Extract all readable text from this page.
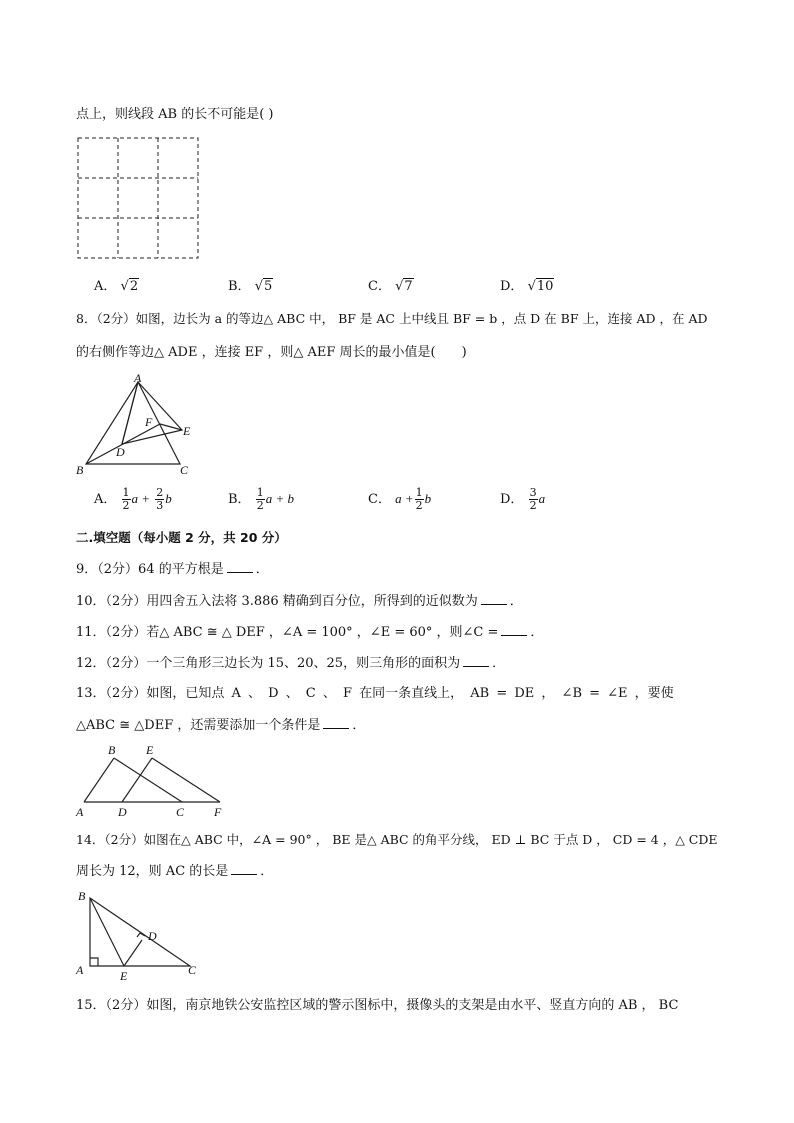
点上，则线段 AB 的长不可能是( )
A． √2	B． √5	C． √7	D． √10
8．（2分）如图，边长为 a 的等边△ ABC 中， BF 是 AC 上中线且 BF = b ，点 D 在 BF 上，连接 AD ，在 AD
的右侧作等边△ ADE ，连接 EF ，则△ AEF 周长的最小值是(　　)
A
B	C
D
E
F
A． $\frac{1}{2}$ $a + \frac{2}{3}$ b	B． $\frac{1}{2}$ a + b	C． $a + \frac{1}{2}$ b	D． $\frac{3}{2}$ a
二.填空题（每小题 2 分，共 20 分）
9．（2分）64 的平方根是 ．
10．（2分）用四舍五入法将 3.886 精确到百分位，所得到的近似数为 ．
11．（2分）若△ ABC ≅ △ DEF ，∠A = 100° ，∠E = 60° ，则∠C = ．
12．（2分）一个三角形三边长为 15、20、25，则三角形的面积为 ．
13．（2分）如图，已知点 A 、 D 、 C 、 F 在同一条直线上， AB = DE ， ∠B = ∠E ，要使
△ABC ≅ △DEF ，还需要添加一个条件是 ．
B	E
A	D	C F
14．（2分）如图在△ ABC 中，∠A = 90° ， BE 是△ ABC 的角平分线， ED ⊥ BC 于点 D ， CD = 4 ，△ CDE
周长为 12，则 AC 的长是 ．
B
D
A	E	C
15．（2分）如图，南京地铁公安监控区域的警示图标中，摄像头的支架是由水平、竖直方向的 AB ， BC
